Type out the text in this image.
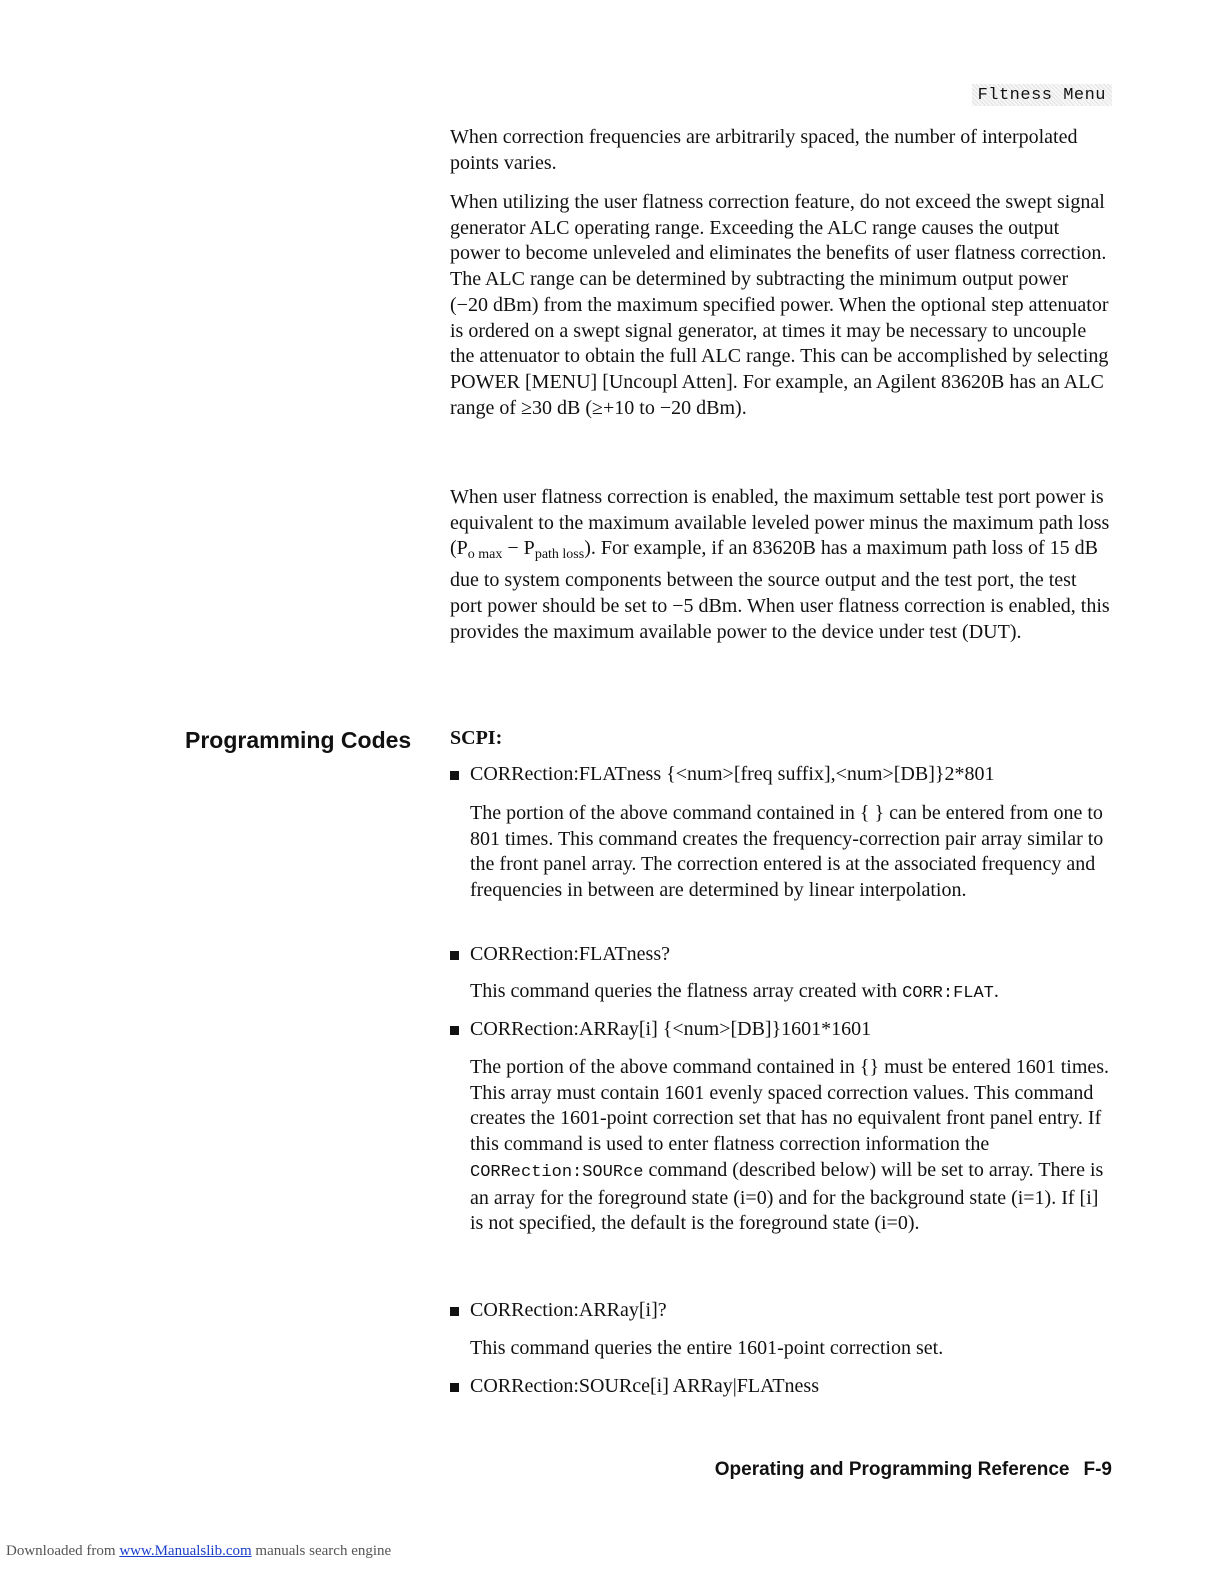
Fltness Menu

When correction frequencies are arbitrarily spaced, the number of interpolated points varies.

When utilizing the user flatness correction feature, do not exceed the swept signal generator ALC operating range. Exceeding the ALC range causes the output power to become unleveled and eliminates the benefits of user flatness correction. The ALC range can be determined by subtracting the minimum output power (−20 dBm) from the maximum specified power. When the optional step attenuator is ordered on a swept signal generator, at times it may be necessary to uncouple the attenuator to obtain the full ALC range. This can be accomplished by selecting POWER [MENU] [Uncoupl Atten]. For example, an Agilent 83620B has an ALC range of ≥30 dB (≥+10 to −20 dBm).

When user flatness correction is enabled, the maximum settable test port power is equivalent to the maximum available leveled power minus the maximum path loss $(P_{o max} - P_{path loss})$. For example, if an 83620B has a maximum path loss of 15 dB due to system components between the source output and the test port, the test port power should be set to −5 dBm. When user flatness correction is enabled, this provides the maximum available power to the device under test (DUT).

Programming Codes SCPI:
CORRection:FLATness {<num>[freq suffix],<num>[DB]}2*801

The portion of the above command contained in { } can be entered from one to 801 times. This command creates the frequency-correction pair array similar to the front panel array. The correction entered is at the associated frequency and frequencies in between are determined by linear interpolation.

CORRection:FLATness?

This command queries the flatness array created with CORR:FLAT.

CORRection:ARRay[i] {<num>[DB]}1601*1601

The portion of the above command contained in {} must be entered 1601 times. This array must contain 1601 evenly spaced correction values. This command creates the 1601-point correction set that has no equivalent front panel entry. If this command is used to enter flatness correction information the CORRection:SOURce command (described below) will be set to array. There is an array for the foreground state (i=0) and for the background state (i=1). If [i] is not specified, the default is the foreground state (i=0).

CORRection:ARRay[i]?

This command queries the entire 1601-point correction set.

CORRection:SOURce[i] ARRay|FLATness
Operating and Programming Reference F-9
Downloaded from www.Manualslib.com manuals search engine
